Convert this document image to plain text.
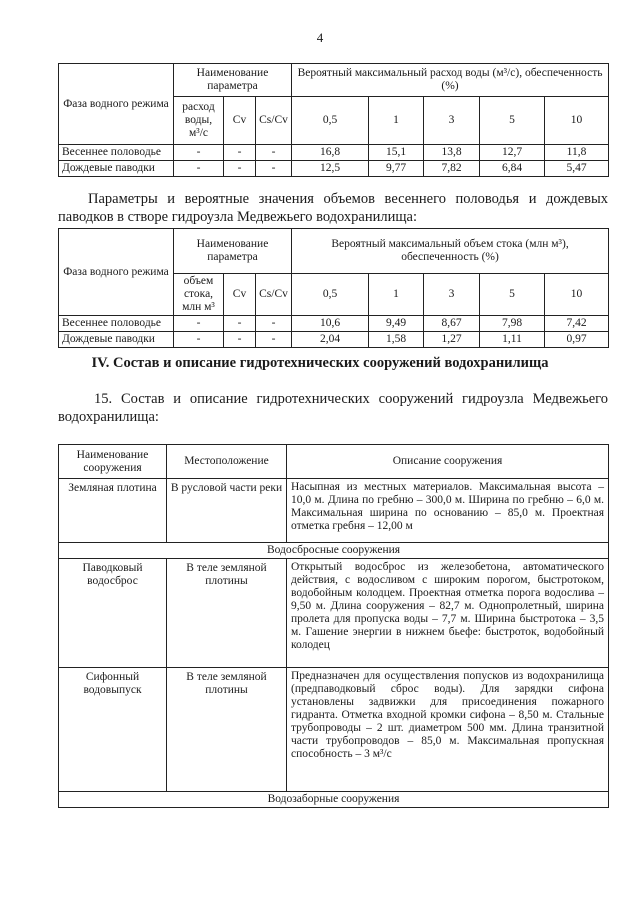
4
Фаза водного режима	Наименование параметра			Вероятный максимальный расход воды (м³/с), обеспеченность (%)				
	расход воды, м³/с	Cv	Cs/Cv	0,5	1	3	5	10
Весеннее половодье	-	-	-	16,8	15,1	13,8	12,7	11,8
Дождевые паводки	-	-	-	12,5	9,77	7,82	6,84	5,47
Параметры и вероятные значения объемов весеннего половодья и дождевых паводков в створе гидроузла Медвежьего водохранилища:
Фаза водного режима	Наименование параметра			Вероятный максимальный объем стока (млн м³), обеспеченность (%)				
	объем стока, млн м³	Cv	Cs/Cv	0,5	1	3	5	10
Весеннее половодье	-	-	-	10,6	9,49	8,67	7,98	7,42
Дождевые паводки	-	-	-	2,04	1,58	1,27	1,11	0,97
IV. Состав и описание гидротехнических сооружений водохранилища
15. Состав и описание гидротехнических сооружений гидроузла Медвежьего водохранилища:
Наименование сооружения	Местоположение	Описание сооружения
Земляная плотина	В русловой части реки	Насыпная из местных материалов. Максимальная высота – 10,0 м. Длина по гребню – 300,0 м. Ширина по гребню – 6,0 м. Максимальная ширина по основанию – 85,0 м. Проектная отметка гребня – 12,00 м
Водосбросные сооружения		
Паводковый водосброс	В теле земляной плотины	Открытый водосброс из железобетона, автоматического действия, с водосливом с широким порогом, быстротоком, водобойным колодцем. Проектная отметка порога водослива – 9,50 м. Длина сооружения – 82,7 м. Однопролетный, ширина пролета для пропуска воды – 7,7 м. Ширина быстротока – 3,5 м. Гашение энергии в нижнем бьефе: быстроток, водобойный колодец
Сифонный водовыпуск	В теле земляной плотины	Предназначен для осуществления попусков из водохранилища (предпаводковый сброс воды). Для зарядки сифона установлены задвижки для присоединения пожарного гидранта. Отметка входной кромки сифона – 8,50 м. Стальные трубопроводы – 2 шт. диаметром 500 мм. Длина транзитной части трубопроводов – 85,0 м. Максимальная пропускная способность – 3 м³/с
Водозаборные сооружения		
